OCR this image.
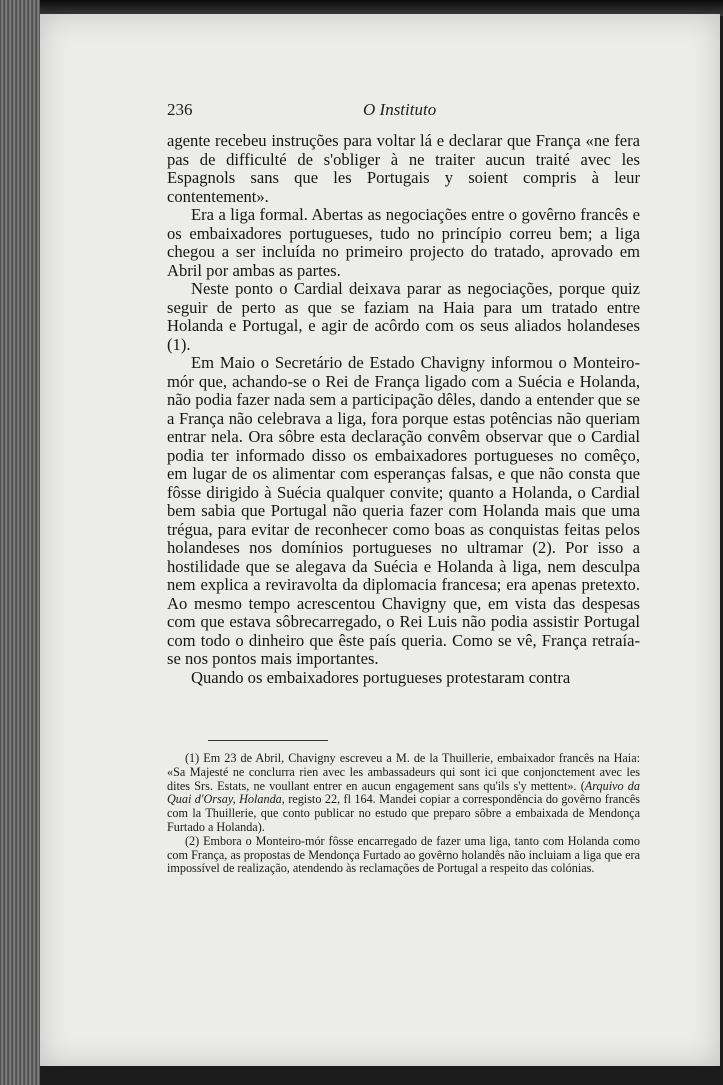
236	O Instituto

agente recebeu instruções para voltar lá e declarar que França «ne fera pas de difficulté de s'obliger à ne traiter aucun traité avec les Espagnols sans que les Portugais y soient compris à leur contentement».

Era a liga formal. Abertas as negociações entre o govêrno francês e os embaixadores portugueses, tudo no princípio correu bem; a liga chegou a ser incluída no primeiro projecto do tratado, aprovado em Abril por ambas as partes.

Neste ponto o Cardial deixava parar as negociações, porque quiz seguir de perto as que se faziam na Haia para um tratado entre Holanda e Portugal, e agir de acôrdo com os seus aliados holandeses (1).

Em Maio o Secretário de Estado Chavigny informou o Monteiro-mór que, achando-se o Rei de França ligado com a Suécia e Holanda, não podia fazer nada sem a participação dêles, dando a entender que se a França não celebrava a liga, fora porque estas potências não queriam entrar nela. Ora sôbre esta declaração convêm observar que o Cardial podia ter informado disso os embaixadores portugueses no comêço, em lugar de os alimentar com esperanças falsas, e que não consta que fôsse dirigido à Suécia qualquer convite; quanto a Holanda, o Cardial bem sabia que Portugal não queria fazer com Holanda mais que uma trégua, para evitar de reconhecer como boas as conquistas feitas pelos holandeses nos domínios portugueses no ultramar (2). Por isso a hostilidade que se alegava da Suécia e Holanda à liga, nem desculpa nem explica a reviravolta da diplomacia francesa; era apenas pretexto. Ao mesmo tempo acrescentou Chavigny que, em vista das despesas com que estava sôbrecarregado, o Rei Luis não podia assistir Portugal com todo o dinheiro que êste país queria. Como se vê, França retraía-se nos pontos mais importantes.

Quando os embaixadores portugueses protestaram contra

(1) Em 23 de Abril, Chavigny escreveu a M. de la Thuillerie, embaixador francês na Haia: «Sa Majesté ne conclurra rien avec les ambassadeurs qui sont ici que conjonctement avec les dites Srs. Estats, ne voullant entrer en aucun engagement sans qu'ils s'y mettent». (Arquivo da Quai d'Orsay, Holanda, registo 22, fl 164. Mandei copiar a correspondência do govêrno francês com la Thuillerie, que conto publicar no estudo que preparo sôbre a embaixada de Mendonça Furtado a Holanda).

(2) Embora o Monteiro-mór fôsse encarregado de fazer uma liga, tanto com Holanda como com França, as propostas de Mendonça Furtado ao govêrno holandês não incluiam a liga que era impossível de realização, atendendo às reclamações de Portugal a respeito das colónias.
